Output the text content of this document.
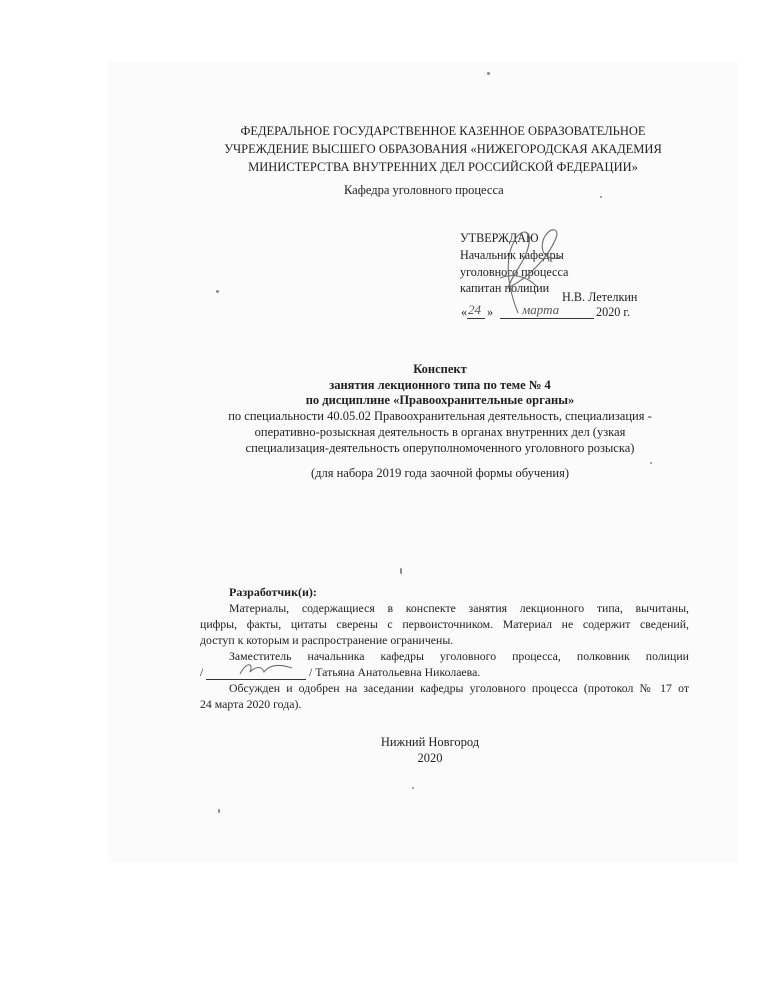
ФЕДЕРАЛЬНОЕ ГОСУДАРСТВЕННОЕ КАЗЕННОЕ ОБРАЗОВАТЕЛЬНОЕ
УЧРЕЖДЕНИЕ ВЫСШЕГО ОБРАЗОВАНИЯ «НИЖЕГОРОДСКАЯ АКАДЕМИЯ
МИНИСТЕРСТВА ВНУТРЕННИХ ДЕЛ РОССИЙСКОЙ ФЕДЕРАЦИИ»
Кафедра уголовного процесса
УТВЕРЖДАЮ
Начальник кафедры
уголовного процесса
капитан полиции
Н.В. Летелкин
« 24 » марта	2020 г.
Конспект
занятия лекционного типа по теме № 4
по дисциплине «Правоохранительные органы»
по специальности 40.05.02 Правоохранительная деятельность, специализация -
оперативно-розыскная деятельность в органах внутренних дел (узкая
специализация-деятельность оперуполномоченного уголовного розыска)
(для набора 2019 года заочной формы обучения)
Разработчик(и):
Материалы, содержащиеся в конспекте занятия лекционного типа, вычитаны,
цифры, факты, цитаты сверены с первоисточником. Материал не содержит сведений,
доступ к которым и распространение ограничены.
Заместитель начальника кафедры уголовного процесса, полковник полиции
/	/ Татьяна Анатольевна Николаева.
Обсужден и одобрен на заседании кафедры уголовного процесса (протокол № 17 от
24 марта 2020 года).
Нижний Новгород
2020
